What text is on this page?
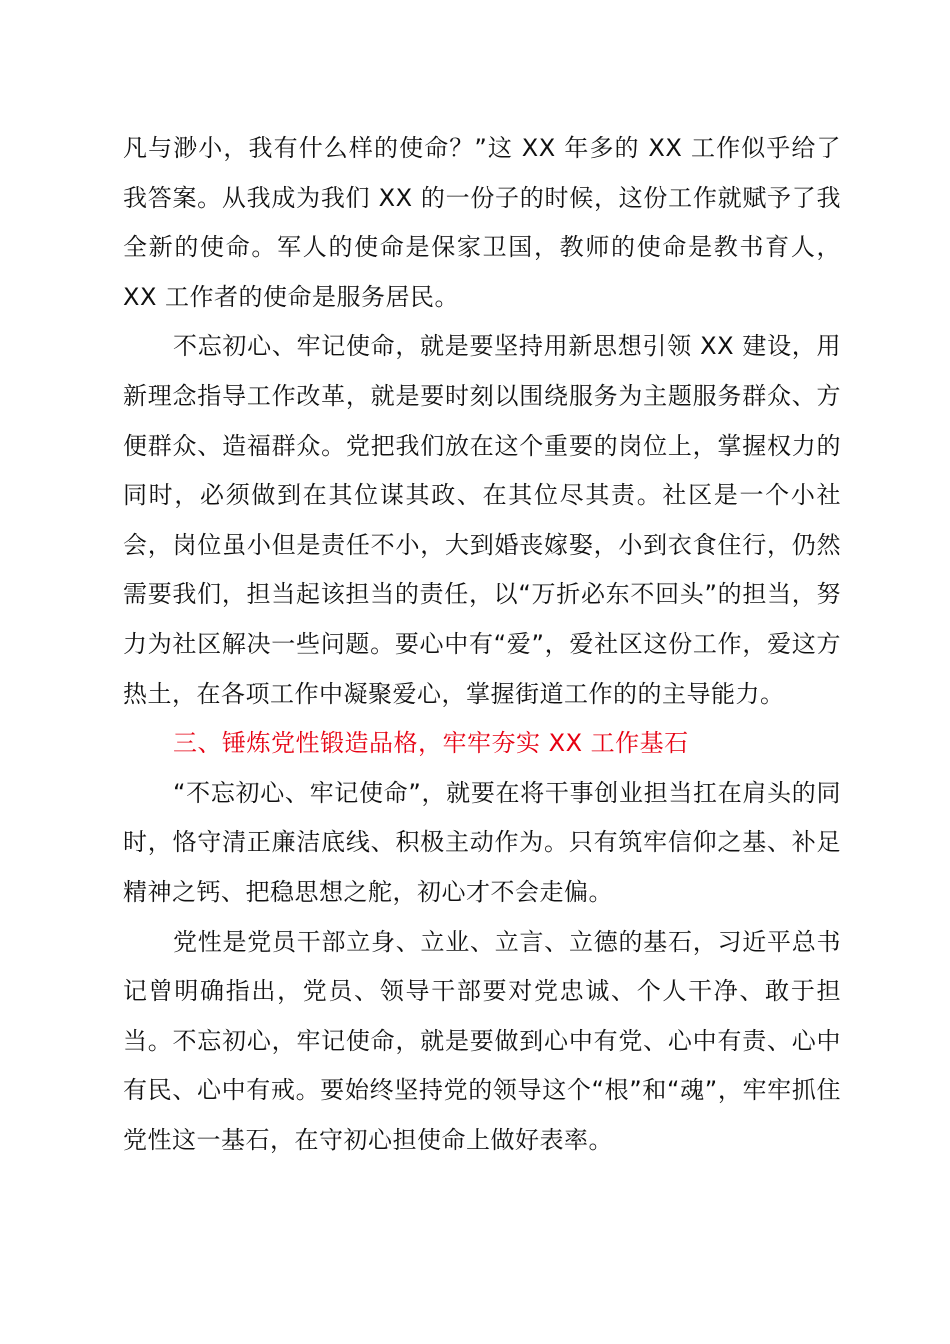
凡与渺小，我有什么样的使命？”这 XX 年多的 XX 工作似乎给了我答案。从我成为我们 XX 的一份子的时候，这份工作就赋予了我全新的使命。军人的使命是保家卫国，教师的使命是教书育人，XX 工作者的使命是服务居民。

不忘初心、牢记使命，就是要坚持用新思想引领 XX 建设，用新理念指导工作改革，就是要时刻以围绕服务为主题服务群众、方便群众、造福群众。党把我们放在这个重要的岗位上，掌握权力的同时，必须做到在其位谋其政、在其位尽其责。社区是一个小社会，岗位虽小但是责任不小，大到婚丧嫁娶，小到衣食住行，仍然需要我们，担当起该担当的责任，以“万折必东不回头”的担当，努力为社区解决一些问题。要心中有“爱”，爱社区这份工作，爱这方热土，在各项工作中凝聚爱心，掌握街道工作的的主导能力。

三、锤炼党性锻造品格，牢牢夯实 XX 工作基石

“不忘初心、牢记使命”，就要在将干事创业担当扛在肩头的同时，恪守清正廉洁底线、积极主动作为。只有筑牢信仰之基、补足精神之钙、把稳思想之舵，初心才不会走偏。

党性是党员干部立身、立业、立言、立德的基石，习近平总书记曾明确指出，党员、领导干部要对党忠诚、个人干净、敢于担当。不忘初心，牢记使命，就是要做到心中有党、心中有责、心中有民、心中有戒。要始终坚持党的领导这个“根”和“魂”，牢牢抓住党性这一基石，在守初心担使命上做好表率。
